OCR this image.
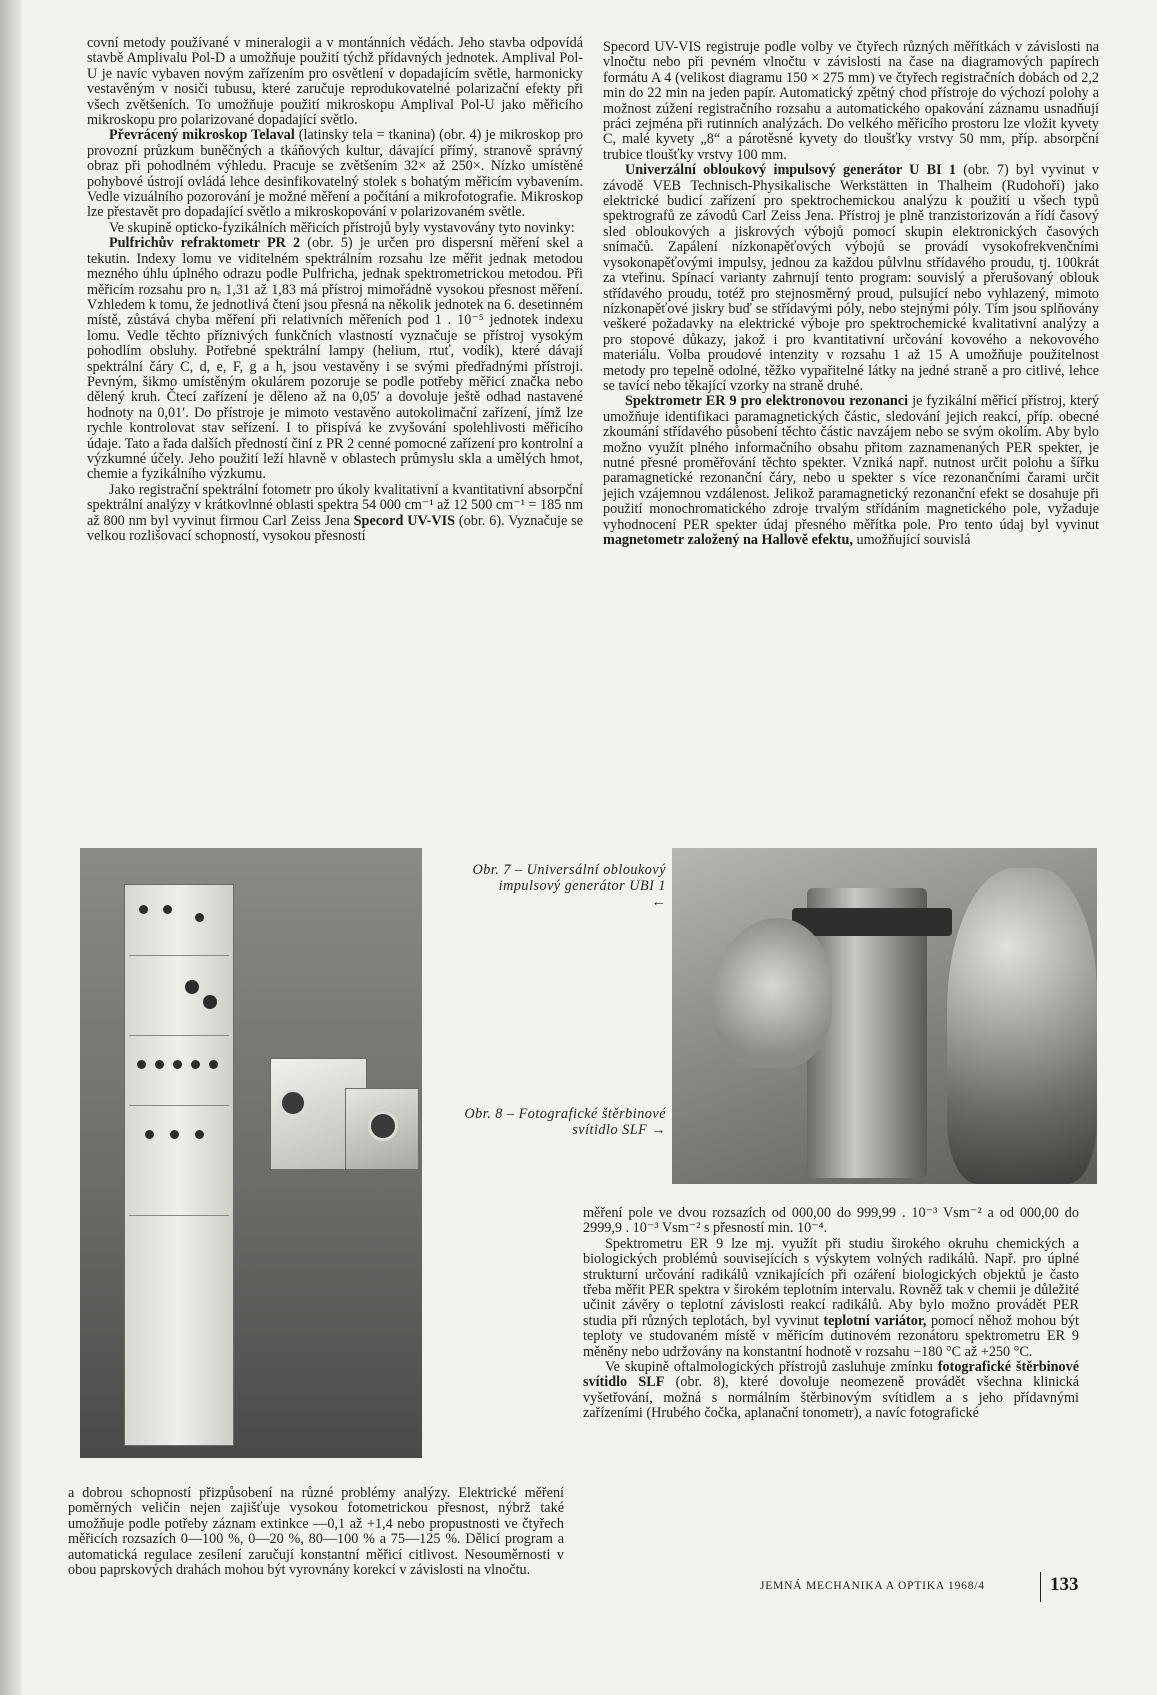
covní metody používané v mineralogii a v montánních vědách. Jeho stavba odpovídá stavbě Amplivalu Pol-D a umožňuje použití týchž přídavných jednotek. Amplival Pol-U je navíc vybaven novým zařízením pro osvětlení v dopadajícím světle, harmonicky vestavěným v nosiči tubusu, které zaručuje reprodukovatelné polarizační efekty při všech zvětšeních. To umožňuje použití mikroskopu Amplival Pol-U jako měřicího mikroskopu pro polarizované dopadající světlo.

Převrácený mikroskop Telaval (latinsky tela = tkanina) (obr. 4) je mikroskop pro provozní průzkum buněčných a tkáňových kultur, dávající přímý, stranově správný obraz při pohodlném výhledu. Pracuje se zvětšením 32× až 250×. Nízko umístěné pohybové ústrojí ovládá lehce desinfikovatelný stolek s bohatým měřicím vybavením. Vedle vizuálního pozorování je možné měření a počítání a mikrofotografie. Mikroskop lze přestavět pro dopadající světlo a mikroskopování v polarizovaném světle.

Ve skupině opticko-fyzikálních měřicích přístrojů byly vystavovány tyto novinky:

Pulfrichův refraktometr PR 2 (obr. 5) je určen pro dispersní měření skel a tekutin. Indexy lomu ve viditelném spektrálním rozsahu lze měřit jednak metodou mezného úhlu úplného odrazu podle Pulfricha, jednak spektrometrickou metodou. Při měřicím rozsahu pro nₑ 1,31 až 1,83 má přístroj mimořádně vysokou přesnost měření. Vzhledem k tomu, že jednotlivá čtení jsou přesná na několik jednotek na 6. desetinném místě, zůstává chyba měření při relativních měřeních pod 1 . 10⁻⁵ jednotek indexu lomu. Vedle těchto příznivých funkčních vlastností vyznačuje se přístroj vysokým pohodlím obsluhy. Potřebné spektrální lampy (helium, rtuť, vodík), které dávají spektrální čáry C, d, e, F, g a h, jsou vestavěny i se svými předřadnými přístroji. Pevným, šikmo umístěným okulárem pozoruje se podle potřeby měřicí značka nebo dělený kruh. Čtecí zařízení je děleno až na 0,05′ a dovoluje ještě odhad nastavené hodnoty na 0,01′. Do přístroje je mimoto vestavěno autokolimační zařízení, jímž lze rychle kontrolovat stav seřízení. I to přispívá ke zvyšování spolehlivosti měřicího údaje. Tato a řada dalších předností činí z PR 2 cenné pomocné zařízení pro kontrolní a výzkumné účely. Jeho použití leží hlavně v oblastech průmyslu skla a umělých hmot, chemie a fyzikálního výzkumu.

Jako registrační spektrální fotometr pro úkoly kvalitativní a kvantitativní absorpční spektrální analýzy v krátkovlnné oblasti spektra 54 000 cm⁻¹ až 12 500 cm⁻¹ = 185 nm až 800 nm byl vyvinut firmou Carl Zeiss Jena Specord UV-VIS (obr. 6). Vyznačuje se velkou rozlišovací schopností, vysokou přesností

Specord UV-VIS registruje podle volby ve čtyřech různých měřítkách v závislosti na vlnočtu nebo při pevném vlnočtu v závislosti na čase na diagramových papírech formátu A 4 (velikost diagramu 150 × 275 mm) ve čtyřech registračních dobách od 2,2 min do 22 min na jeden papír. Automatický zpětný chod přístroje do výchozí polohy a možnost zúžení registračního rozsahu a automatického opakování záznamu usnadňují práci zejména při rutinních analýzách. Do velkého měřicího prostoru lze vložit kyvety C, malé kyvety „8“ a párotěsné kyvety do tloušťky vrstvy 50 mm, příp. absorpční trubice tloušťky vrstvy 100 mm.

Univerzální obloukový impulsový generátor U BI 1 (obr. 7) byl vyvinut v závodě VEB Technisch-Physikalische Werkstätten in Thalheim (Rudohoří) jako elektrické budicí zařízení pro spektrochemickou analýzu k použití u všech typů spektrografů ze závodů Carl Zeiss Jena. Přístroj je plně tranzistorizován a řídí časový sled obloukových a jiskrových výbojů pomocí skupin elektronických časových snímačů. Zapálení nízkonapěťových výbojů se provádí vysokofrekvenčními vysokonapěťovými impulsy, jednou za každou půlvlnu střídavého proudu, tj. 100krát za vteřinu. Spínací varianty zahrnují tento program: souvislý a přerušovaný oblouk střídavého proudu, totéž pro stejnosměrný proud, pulsující nebo vyhlazený, mimoto nízkonapěťové jiskry buď se střídavými póly, nebo stejnými póly. Tím jsou splňovány veškeré požadavky na elektrické výboje pro spektrochemické kvalitativní analýzy a pro stopové důkazy, jakož i pro kvantitativní určování kovového a nekovového materiálu. Volba proudové intenzity v rozsahu 1 až 15 A umožňuje použitelnost metody pro tepelně odolné, těžko vypařitelné látky na jedné straně a pro citlivé, lehce se tavící nebo těkající vzorky na straně druhé.

Spektrometr ER 9 pro elektronovou rezonanci je fyzikální měřicí přístroj, který umožňuje identifikaci paramagnetických částic, sledování jejich reakcí, příp. obecné zkoumání střídavého působení těchto částic navzájem nebo se svým okolím. Aby bylo možno využít plného informačního obsahu přitom zaznamenaných PER spekter, je nutné přesné proměřování těchto spekter. Vzniká např. nutnost určit polohu a šířku paramagnetické rezonanční čáry, nebo u spekter s více rezonančními čarami určit jejich vzájemnou vzdálenost. Jelikož paramagnetický rezonanční efekt se dosahuje při použití monochromatického zdroje trvalým střídáním magnetického pole, vyžaduje vyhodnocení PER spekter údaj přesného měřítka pole. Pro tento údaj byl vyvinut magnetometr založený na Hallově efektu, umožňující souvislá

Obr. 7 – Universální obloukový impulsový generátor UBI 1
←
Obr. 8 – Fotografické štěrbinové svítidlo SLF →

a dobrou schopností přizpůsobení na různé problémy analýzy. Elektrické měření poměrných veličin nejen zajišťuje vysokou fotometrickou přesnost, nýbrž také umožňuje podle potřeby záznam extinkce —0,1 až +1,4 nebo propustnosti ve čtyřech měřicích rozsazích 0—100 %, 0—20 %, 80—100 % a 75—125 %. Dělicí program a automatická regulace zesílení zaručují konstantní měřicí citlivost. Nesouměrnosti v obou paprskových drahách mohou být vyrovnány korekcí v závislosti na vlnočtu.

měření pole ve dvou rozsazích od 000,00 do 999,99 . 10⁻³ Vsm⁻² a od 000,00 do 2999,9 . 10⁻³ Vsm⁻² s přesností min. 10⁻⁴.

Spektrometru ER 9 lze mj. využít při studiu širokého okruhu chemických a biologických problémů souvisejících s výskytem volných radikálů. Např. pro úplné strukturní určování radikálů vznikajících při ozáření biologických objektů je často třeba měřit PER spektra v širokém teplotním intervalu. Rovněž tak v chemii je důležité učinit závěry o teplotní závislosti reakcí radikálů. Aby bylo možno provádět PER studia při různých teplotách, byl vyvinut teplotní variátor, pomocí něhož mohou být teploty ve studovaném místě v měřicím dutinovém rezonátoru spektrometru ER 9 měněny nebo udržovány na konstantní hodnotě v rozsahu −180 °C až +250 °C.

Ve skupině oftalmologických přístrojů zasluhuje zmínku fotografické štěrbinové svítidlo SLF (obr. 8), které dovoluje neomezeně provádět všechna klinická vyšetřování, možná s normálním štěrbinovým svítidlem a s jeho přídavnými zařízeními (Hrubého čočka, aplanační tonometr), a navíc fotografické

JEMNÁ MECHANIKA A OPTIKA 1968/4	133
